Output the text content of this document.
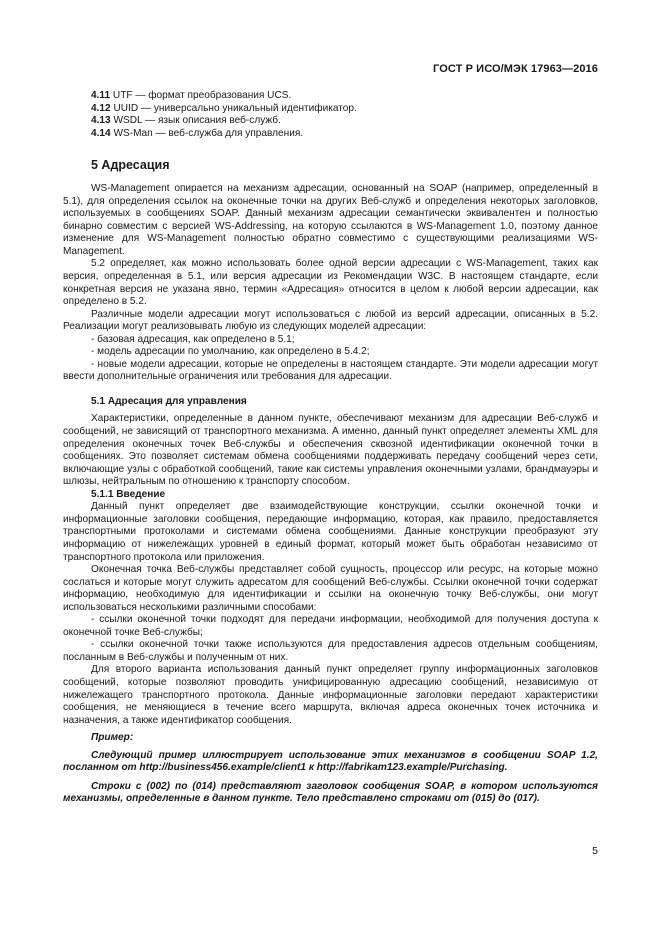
ГОСТ Р ИСО/МЭК 17963—2016
4.11 UTF — формат преобразования UCS.
4.12 UUID — универсально уникальный идентификатор.
4.13 WSDL — язык описания веб-служб.
4.14 WS-Man — веб-служба для управления.
5 Адресация

WS-Management опирается на механизм адресации, основанный на SOAP (например, определенный в 5.1), для определения ссылок на оконечные точки на других Веб-служб и определения некоторых заголовков, используемых в сообщениях SOAP. Данный механизм адресации семантически эквивалентен и полностью бинарно совместим с версией WS-Addressing, на которую ссылаются в WS-Management 1.0, поэтому данное изменение для WS-Management полностью обратно совместимо с существующими реализациями WS-Management.

5.2 определяет, как можно использовать более одной версии адресации с WS-Management, таких как версия, определенная в 5.1, или версия адресации из Рекомендации W3C. В настоящем стандарте, если конкретная версия не указана явно, термин «Адресация» относится в целом к любой версии адресации, как определено в 5.2.

Различные модели адресации могут использоваться с любой из версий адресации, описанных в 5.2. Реализации могут реализовывать любую из следующих моделей адресации:

- базовая адресация, как определено в 5.1;

- модель адресации по умолчанию, как определено в 5.4.2;

- новые модели адресации, которые не определены в настоящем стандарте. Эти модели адресации могут ввести дополнительные ограничения или требования для адресации.

5.1 Адресация для управления

Характеристики, определенные в данном пункте, обеспечивают механизм для адресации Веб-служб и сообщений, не зависящий от транспортного механизма. А именно, данный пункт определяет элементы XML для определения оконечных точек Веб-службы и обеспечения сквозной идентификации оконечной точки в сообщениях. Это позволяет системам обмена сообщениями поддерживать передачу сообщений через сети, включающие узлы с обработкой сообщений, такие как системы управления оконечными узлами, брандмауэры и шлюзы, нейтральным по отношению к транспорту способом.

5.1.1 Введение

Данный пункт определяет две взаимодействующие конструкции, ссылки оконечной точки и информационные заголовки сообщения, передающие информацию, которая, как правило, предоставляется транспортными протоколами и системами обмена сообщениями. Данные конструкции преобразуют эту информацию от нижележащих уровней в единый формат, который может быть обработан независимо от транспортного протокола или приложения.

Оконечная точка Веб-службы представляет собой сущность, процессор или ресурс, на которые можно сослаться и которые могут служить адресатом для сообщений Веб-службы. Ссылки оконечной точки содержат информацию, необходимую для идентификации и ссылки на оконечную точку Веб-службы, они могут использоваться несколькими различными способами:

- ссылки оконечной точки подходят для передачи информации, необходимой для получения доступа к оконечной точке Веб-службы;

- ссылки оконечной точки также используются для предоставления адресов отдельным сообщениям, посланным в Веб-службы и полученным от них.

Для второго варианта использования данный пункт определяет группу информационных заголовков сообщений, которые позволяют проводить унифицированную адресацию сообщений, независимую от нижележащего транспортного протокола. Данные информационные заголовки передают характеристики сообщения, не меняющиеся в течение всего маршрута, включая адреса оконечных точек источника и назначения, а также идентификатор сообщения.

Пример:

Следующий пример иллюстрирует использование этих механизмов в сообщении SOAP 1.2, посланном от http://business456.example/client1 к http://fabrikam123.example/Purchasing.

Строки с (002) по (014) представляют заголовок сообщения SOAP, в котором используются механизмы, определенные в данном пункте. Тело представлено строками от (015) до (017).

5
